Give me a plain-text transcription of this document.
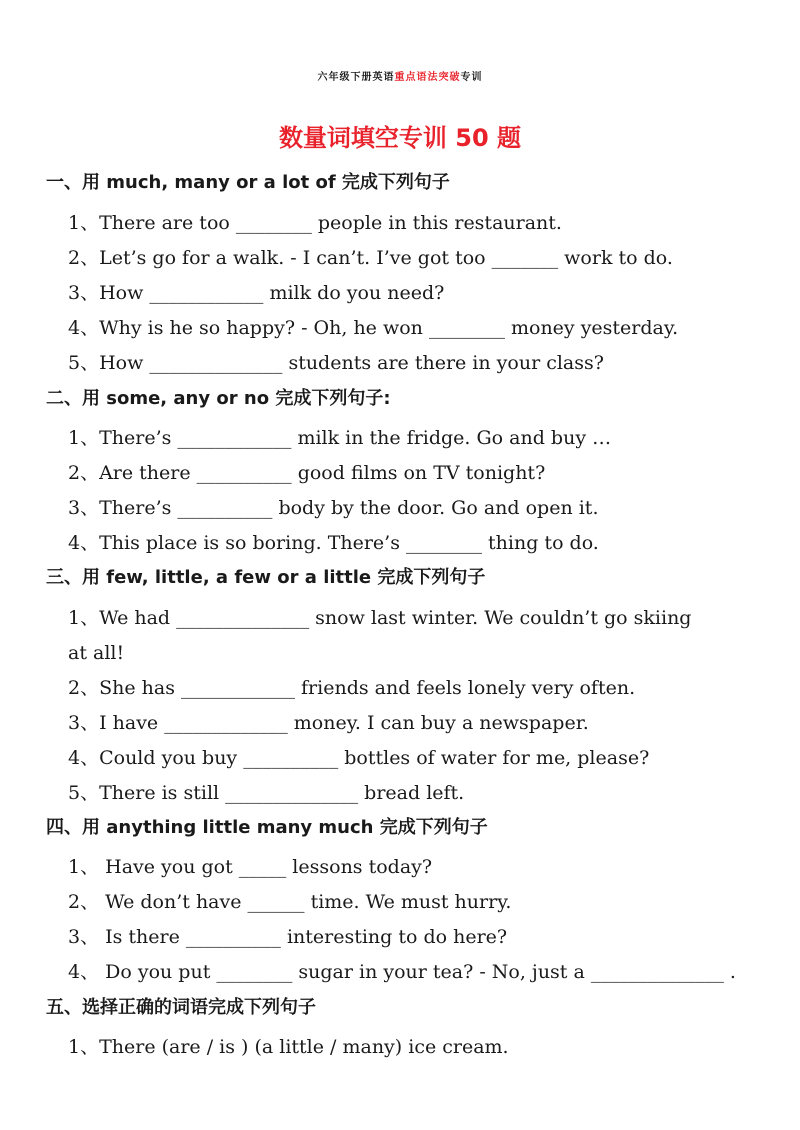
六年级下册英语重点语法突破专训
数量词填空专训 50 题
一、用 much, many or a lot of 完成下列句子
1、There are too ________ people in this restaurant.
2、Let’s go for a walk. - I can’t. I’ve got too _______ work to do.
3、How ____________ milk do you need?
4、Why is he so happy? - Oh, he won ________ money yesterday.
5、How ______________ students are there in your class?
二、用 some, any or no 完成下列句子:
1、There’s ____________ milk in the fridge. Go and buy …
2、Are there __________ good films on TV tonight?
3、There’s __________ body by the door. Go and open it.
4、This place is so boring. There’s ________ thing to do.
三、用 few, little, a few or a little 完成下列句子
1、We had ______________ snow last winter. We couldn’t go skiing
at all!
2、She has ____________ friends and feels lonely very often.
3、I have _____________ money. I can buy a newspaper.
4、Could you buy __________ bottles of water for me, please?
5、There is still ______________ bread left.
四、用 anything little many much 完成下列句子
1、 Have you got _____ lessons today?
2、 We don’t have ______ time. We must hurry.
3、 Is there __________ interesting to do here?
4、 Do you put ________ sugar in your tea? - No, just a ______________ .
五、选择正确的词语完成下列句子
1、There (are / is ) (a little / many) ice cream.
